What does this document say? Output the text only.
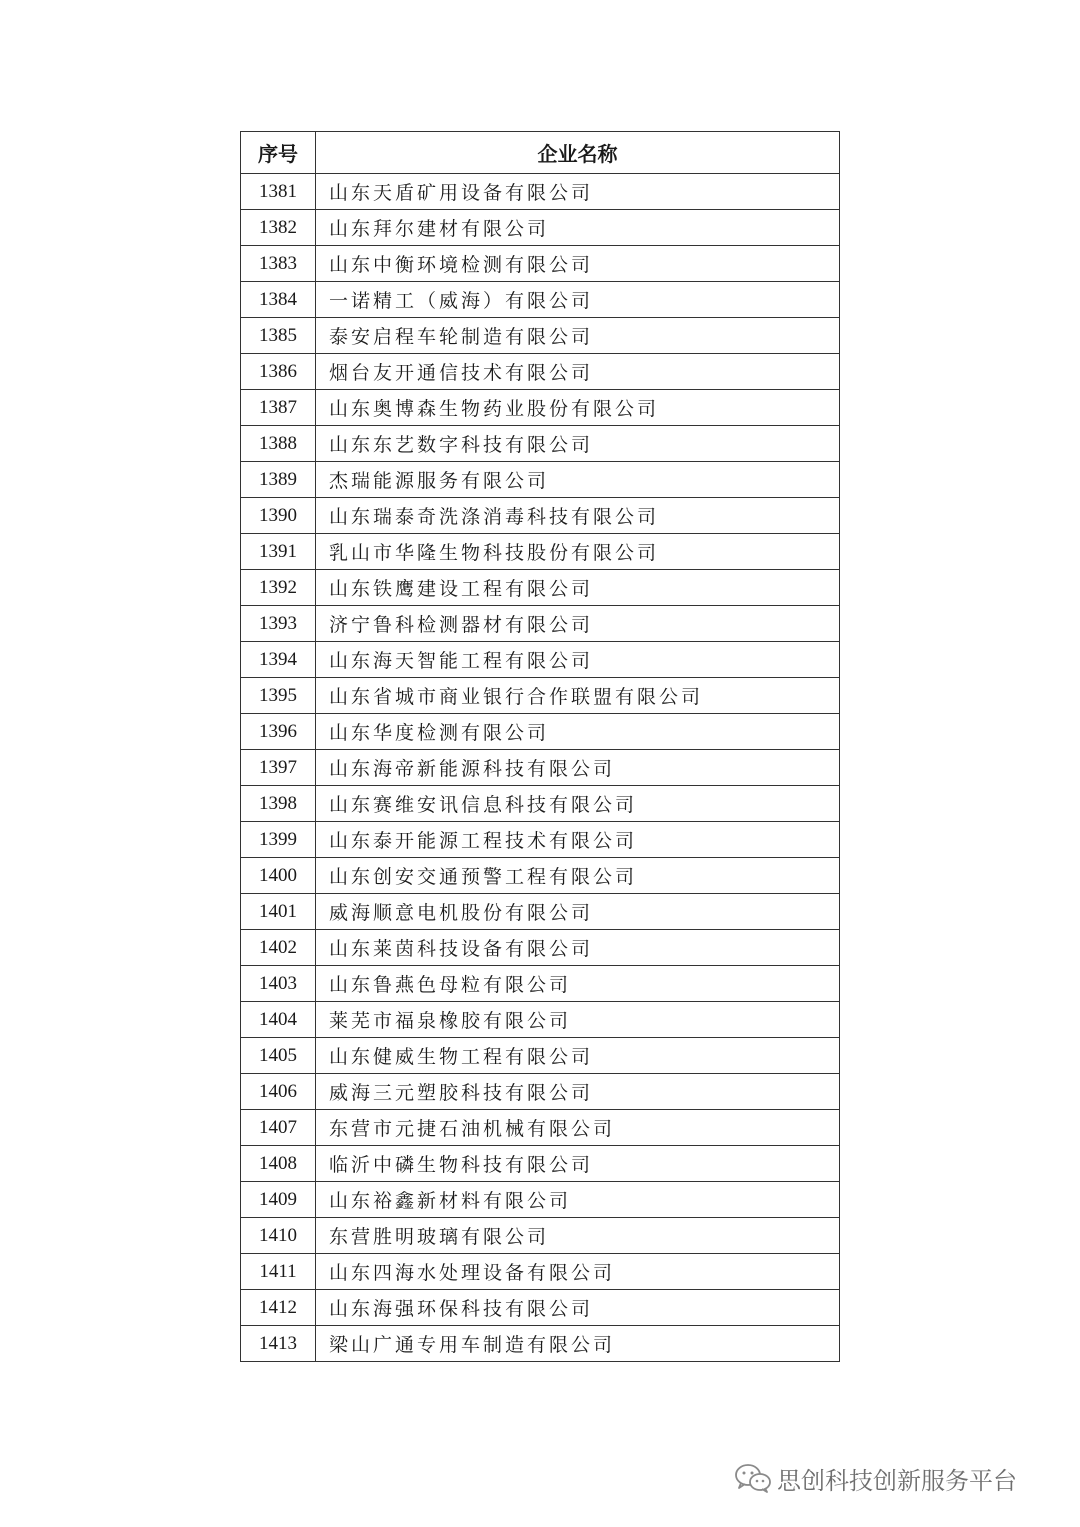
序号	企业名称
1381	山东天盾矿用设备有限公司
1382	山东拜尔建材有限公司
1383	山东中衡环境检测有限公司
1384	一诺精工（威海）有限公司
1385	泰安启程车轮制造有限公司
1386	烟台友开通信技术有限公司
1387	山东奥博森生物药业股份有限公司
1388	山东东艺数字科技有限公司
1389	杰瑞能源服务有限公司
1390	山东瑞泰奇洗涤消毒科技有限公司
1391	乳山市华隆生物科技股份有限公司
1392	山东铁鹰建设工程有限公司
1393	济宁鲁科检测器材有限公司
1394	山东海天智能工程有限公司
1395	山东省城市商业银行合作联盟有限公司
1396	山东华度检测有限公司
1397	山东海帝新能源科技有限公司
1398	山东赛维安讯信息科技有限公司
1399	山东泰开能源工程技术有限公司
1400	山东创安交通预警工程有限公司
1401	威海顺意电机股份有限公司
1402	山东莱茵科技设备有限公司
1403	山东鲁燕色母粒有限公司
1404	莱芜市福泉橡胶有限公司
1405	山东健威生物工程有限公司
1406	威海三元塑胶科技有限公司
1407	东营市元捷石油机械有限公司
1408	临沂中磷生物科技有限公司
1409	山东裕鑫新材料有限公司
1410	东营胜明玻璃有限公司
1411	山东四海水处理设备有限公司
1412	山东海强环保科技有限公司
1413	梁山广通专用车制造有限公司
思创科技创新服务平台
